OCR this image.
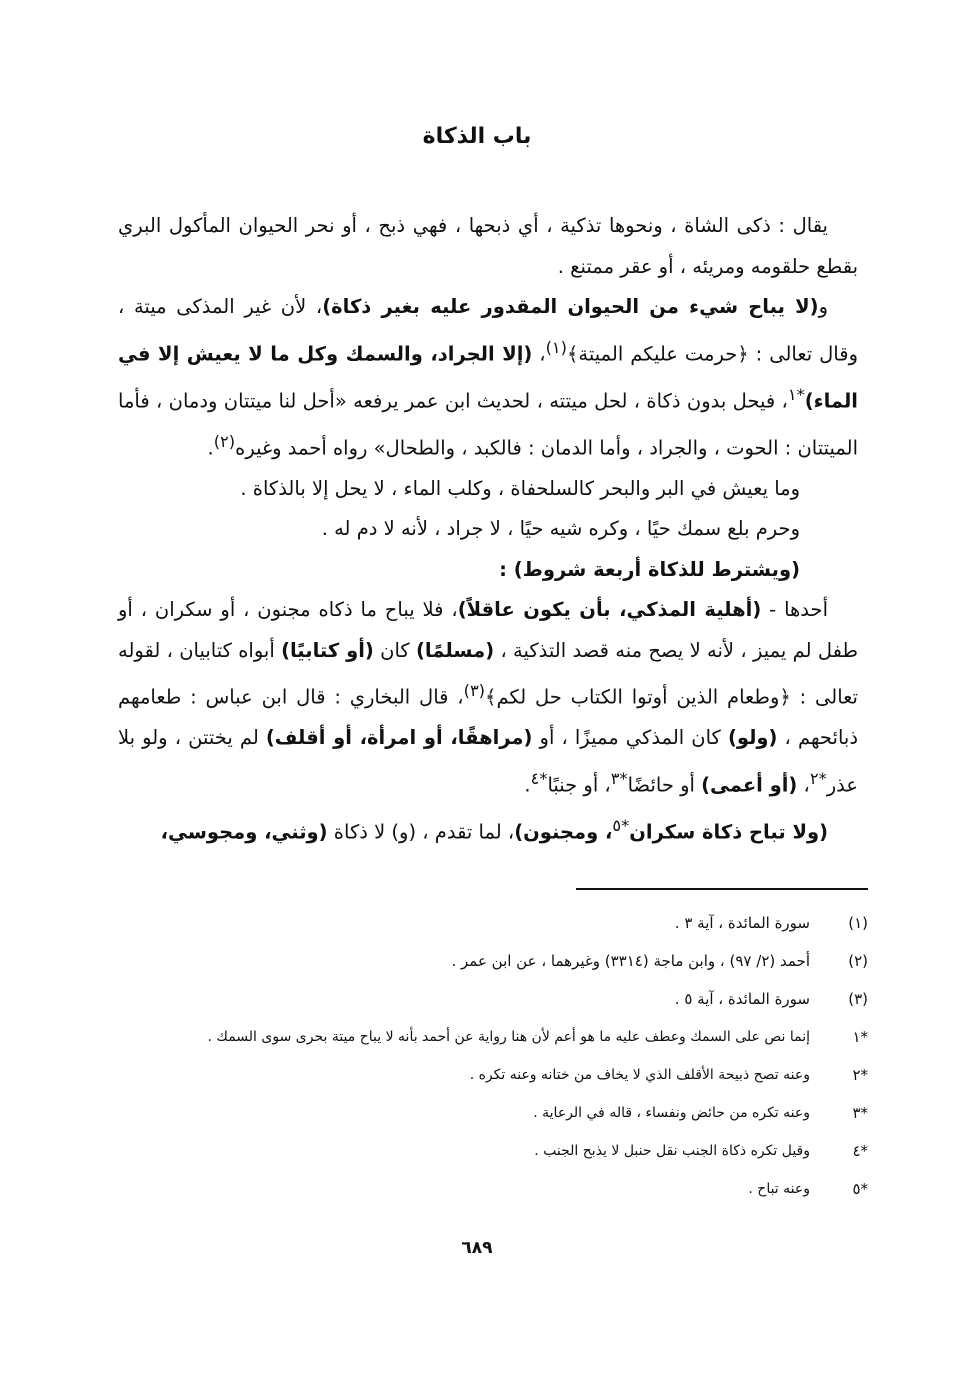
باب الذكاة

يقال : ذكى الشاة ، ونحوها تذكية ، أي ذبحها ، فهي ذبح ، أو نحر الحيوان المأكول البري بقطع حلقومه ومريئه ، أو عقر ممتنع .

و(لا يباح شيء من الحيوان المقدور عليه بغير ذكاة)، لأن غير المذكى ميتة ، وقال تعالى : ﴿حرمت عليكم الميتة﴾$^{(١)}$، (إلا الجراد، والسمك وكل ما لا يعيش إلا في الماء)$^{*١}$، فيحل بدون ذكاة ، لحل ميتته ، لحديث ابن عمر يرفعه «أحل لنا ميتتان ودمان ، فأما الميتتان : الحوت ، والجراد ، وأما الدمان : فالكبد ، والطحال» رواه أحمد وغيره$^{(٢)}$.

وما يعيش في البر والبحر كالسلحفاة ، وكلب الماء ، لا يحل إلا بالذكاة .

وحرم بلع سمك حيًا ، وكره شيه حيًا ، لا جراد ، لأنه لا دم له .

(ويشترط للذكاة أربعة شروط) :

أحدها - (أهلية المذكي، بأن يكون عاقلاً)، فلا يباح ما ذكاه مجنون ، أو سكران ، أو طفل لم يميز ، لأنه لا يصح منه قصد التذكية ، (مسلمًا) كان (أو كتابيًا) أبواه كتابيان ، لقوله تعالى : ﴿وطعام الذين أوتوا الكتاب حل لكم﴾$^{(٣)}$، قال البخاري : قال ابن عباس : طعامهم ذبائحهم ، (ولو) كان المذكي مميزًا ، أو (مراهقًا، أو امرأة، أو أقلف) لم يختتن ، ولو بلا عذر$^{*٢}$، (أو أعمى) أو حائضًا$^{*٣}$، أو جنبًا$^{*٤}$.

(ولا تباح ذكاة سكران$^{*٥}$، ومجنون)، لما تقدم ، (و) لا ذكاة (وثني، ومجوسي،

(١)
سورة المائدة ، آية ٣ .
(٢)
أحمد (٢/ ٩٧) ، وابن ماجة (٣٣١٤) وغيرهما ، عن ابن عمر .
(٣)
سورة المائدة ، آية ٥ .
*١
إنما نص على السمك وعطف عليه ما هو أعم لأن هنا رواية عن أحمد بأنه لا يباح ميتة بحرى سوى السمك .
*٢
وعنه تصح ذبيحة الأقلف الذي لا يخاف من ختانه وعنه تكره .
*٣
وعنه تكره من حائض ونفساء ، قاله في الرعاية .
*٤
وقيل تكره ذكاة الجنب نقل حنبل لا يذبح الجنب .
*٥
وعنه تباح .
٦٨٩
